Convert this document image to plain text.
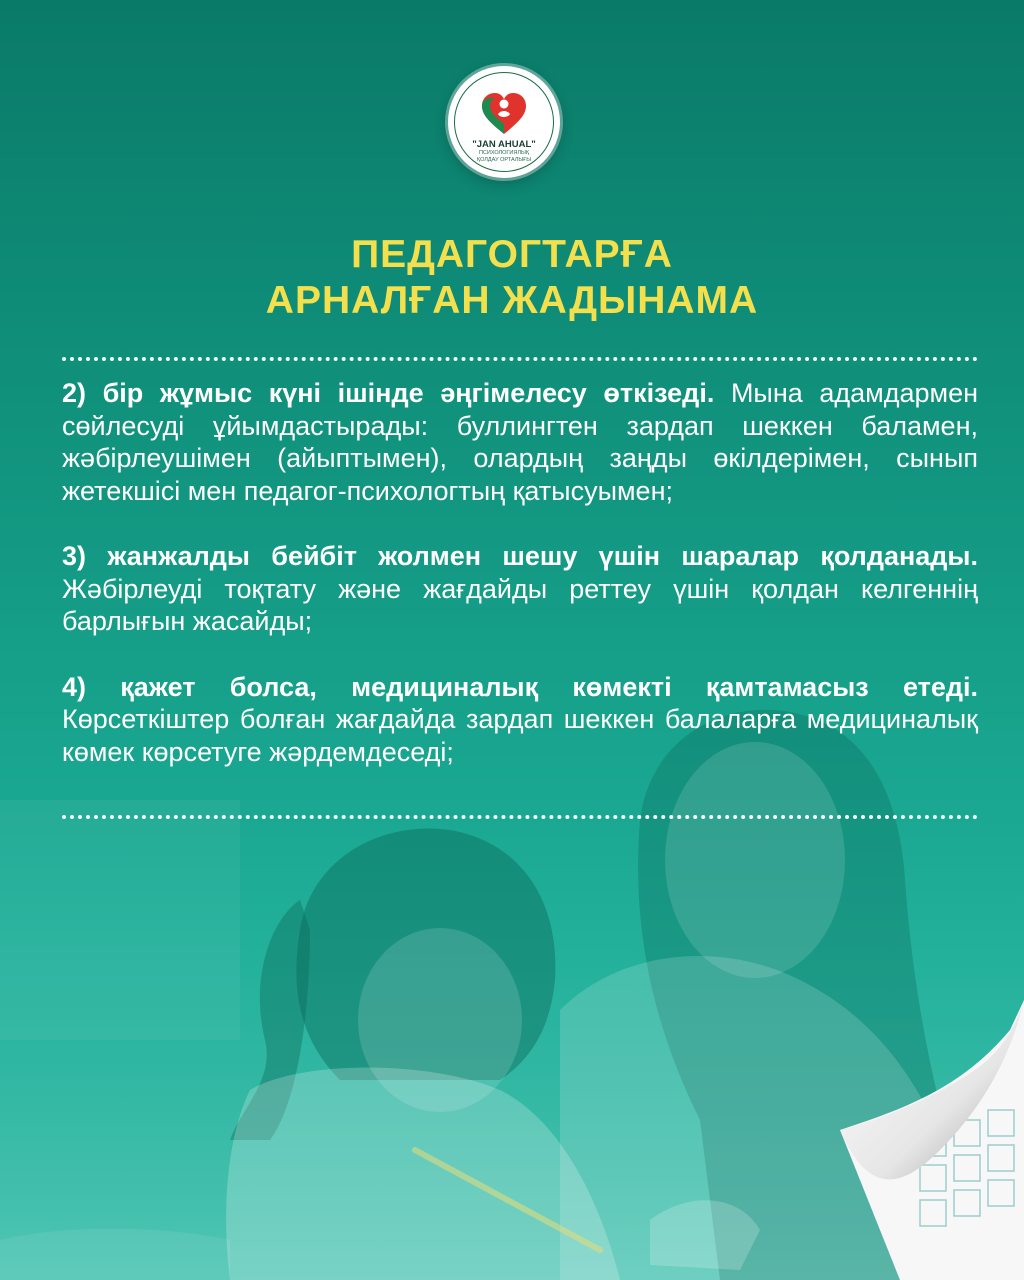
"JAN AHUAL"
ПСИХОЛОГИЯЛЫҚ
ҚОЛДАУ ОРТАЛЫҒЫ
ПЕДАГОГТАРҒА
АРНАЛҒАН ЖАДЫНАМА

2) бір жұмыс күні ішінде әңгімелесу өткізеді. Мына адамдармен сөйлесуді ұйымдастырады: буллингтен зардап шеккен баламен, жәбірлеушімен (айыптымен), олардың заңды өкілдерімен, сынып жетекшісі мен педагог-психологтың қатысуымен;

3) жанжалды бейбіт жолмен шешу үшін шаралар қолданады. Жәбірлеуді тоқтату және жағдайды реттеу үшін қолдан келгеннің барлығын жасайды;

4) қажет болса, медициналық көмекті қамтамасыз етеді. Көрсеткіштер болған жағдайда зардап шеккен балаларға медициналық көмек көрсетуге жәрдемдеседі;
